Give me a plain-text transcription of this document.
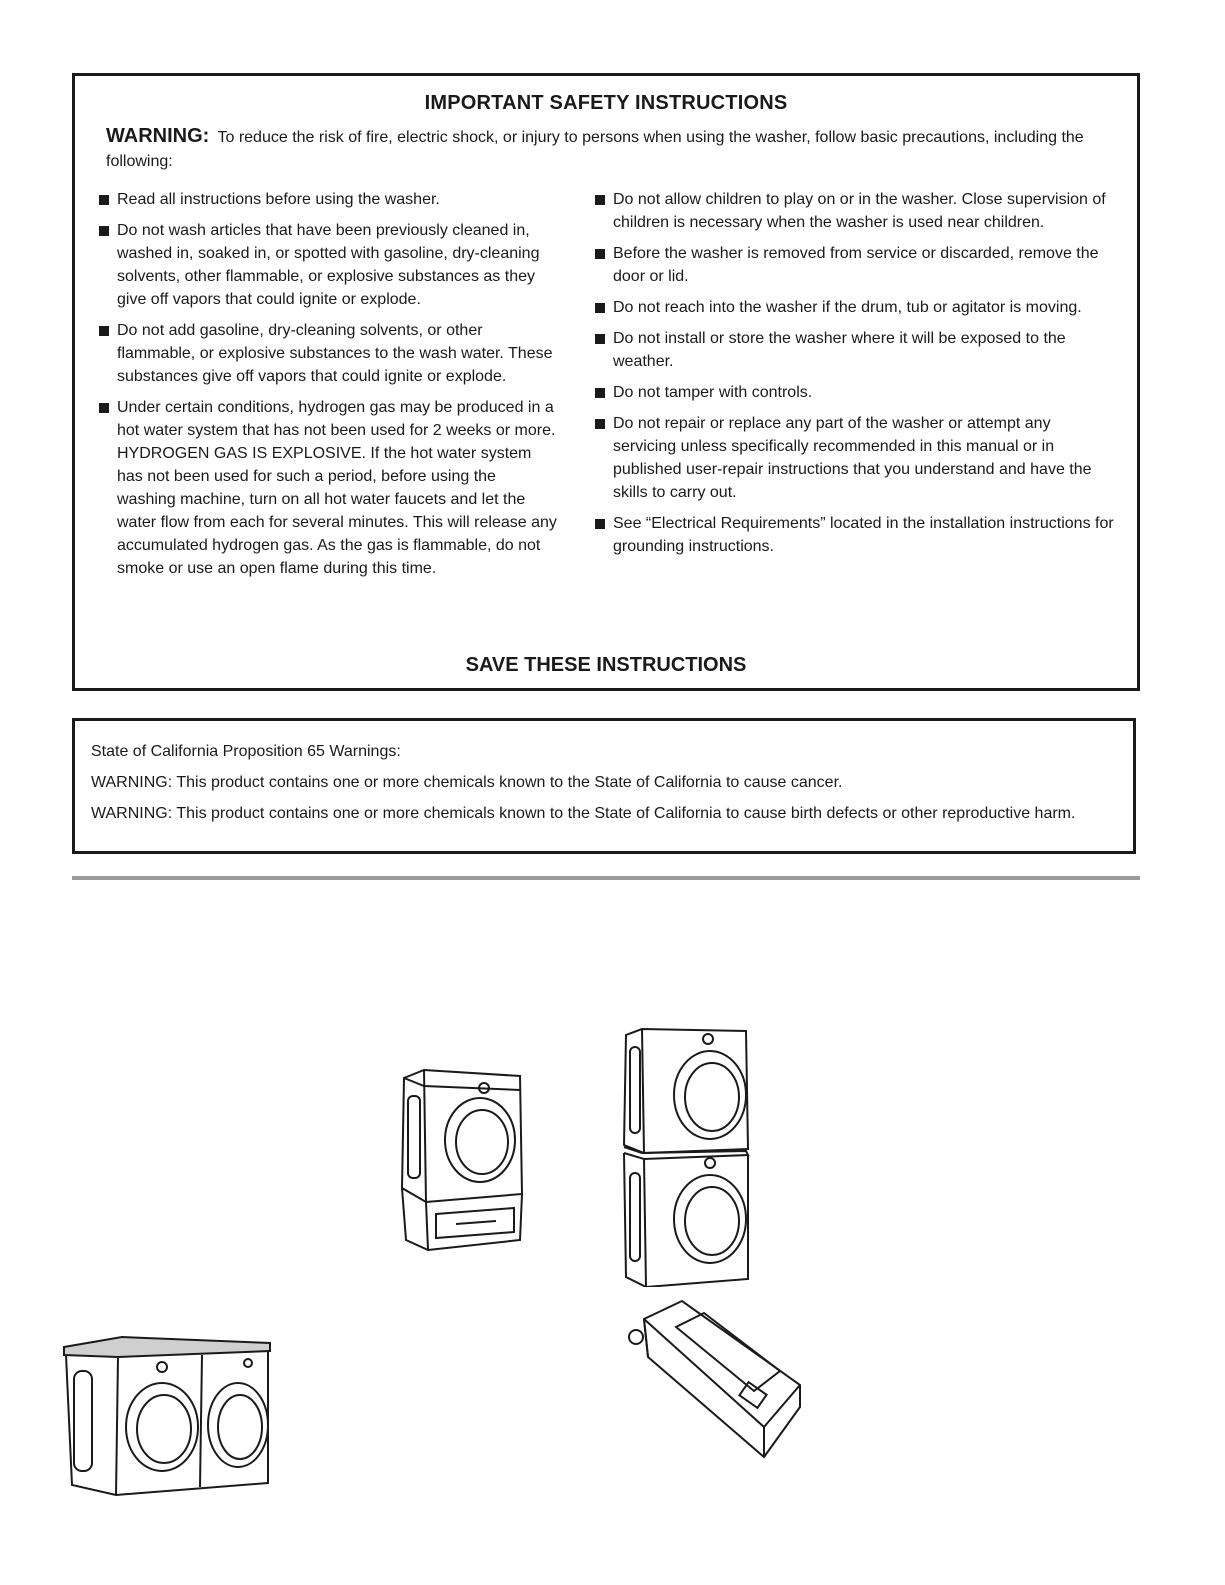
IMPORTANT SAFETY INSTRUCTIONS
WARNING: To reduce the risk of fire, electric shock, or injury to persons when using the washer, follow basic precautions, including the following:
Read all instructions before using the washer.
Do not wash articles that have been previously cleaned in, washed in, soaked in, or spotted with gasoline, dry-cleaning solvents, other flammable, or explosive substances as they give off vapors that could ignite or explode.
Do not add gasoline, dry-cleaning solvents, or other flammable, or explosive substances to the wash water. These substances give off vapors that could ignite or explode.
Under certain conditions, hydrogen gas may be produced in a hot water system that has not been used for 2 weeks or more. HYDROGEN GAS IS EXPLOSIVE. If the hot water system has not been used for such a period, before using the washing machine, turn on all hot water faucets and let the water flow from each for several minutes. This will release any accumulated hydrogen gas. As the gas is flammable, do not smoke or use an open flame during this time.
Do not allow children to play on or in the washer. Close supervision of children is necessary when the washer is used near children.
Before the washer is removed from service or discarded, remove the door or lid.
Do not reach into the washer if the drum, tub or agitator is moving.
Do not install or store the washer where it will be exposed to the weather.
Do not tamper with controls.
Do not repair or replace any part of the washer or attempt any servicing unless specifically recommended in this manual or in published user-repair instructions that you understand and have the skills to carry out.
See “Electrical Requirements” located in the installation instructions for grounding instructions.
SAVE THESE INSTRUCTIONS
State of California Proposition 65 Warnings:
WARNING: This product contains one or more chemicals known to the State of California to cause cancer.
WARNING: This product contains one or more chemicals known to the State of California to cause birth defects or other reproductive harm.
